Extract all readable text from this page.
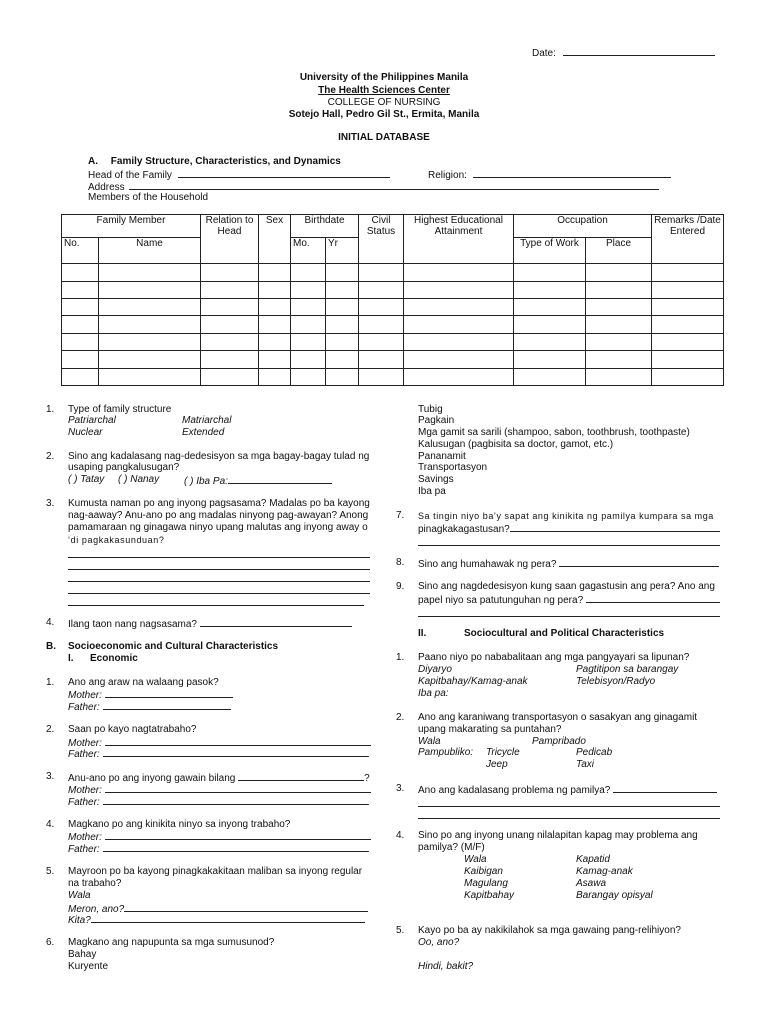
Date:
University of the Philippines Manila
The Health Sciences Center
COLLEGE OF NURSING
Sotejo Hall, Pedro Gil St., Ermita, Manila
INITIAL DATABASE
A. Family Structure, Characteristics, and Dynamics
Head of the Family	Religion:
Address
Members of the Household
Family Member		Relation to Head	Sex	Birthdate		Civil Status	Highest Educational Attainment	Occupation		Remarks /Date Entered
No.	Name			Mo.	Yr			Type of Work	Place	

1. Type of family structure
Patriarchal	Matriarchal
Nuclear	Extended
2. Sino ang kadalasang nag-dedesisyon sa mga bagay-bagay tulad ng
usaping pangkalusugan?
( ) Tatay ( ) Nanay ( ) Iba Pa:
3. Kumusta naman po ang inyong pagsasama? Madalas po ba kayong
nag-aaway? Anu-ano po ang madalas ninyong pag-awayan? Anong
pamamaraan ng ginagawa ninyo upang malutas ang inyong away o
‘di pagkakasunduan?
4. Ilang taon nang nagsasama?
B. Socioeconomic and Cultural Characteristics
I. Economic
1. Ano ang araw na walaang pasok?
Mother:
Father:
2. Saan po kayo nagtatrabaho?
Mother:
Father:
3. Anu-ano po ang inyong gawain bilang	?
Mother:
Father:
4. Magkano po ang kinikita ninyo sa inyong trabaho?
Mother:
Father:
5. Mayroon po ba kayong pinagkakakitaan maliban sa inyong regular
na trabaho?
Wala
Meron, ano?
Kita?
6. Magkano ang napupunta sa mga sumusunod?
Bahay
Kuryente
Tubig
Pagkain
Mga gamit sa sarili (shampoo, sabon, toothbrush, toothpaste)
Kalusugan (pagbisita sa doctor, gamot, etc.)
Pananamit
Transportasyon
Savings
Iba pa
7. Sa tingin niyo ba’y sapat ang kinikita ng pamilya kumpara sa mga
pinagkakagastusan?
8. Sino ang humahawak ng pera?
9. Sino ang nagdedesisyon kung saan gagastusin ang pera? Ano ang
papel niyo sa patutunguhan ng pera?
II.	Sociocultural and Political Characteristics
1. Paano niyo po nababalitaan ang mga pangyayari sa lipunan?
Diyaryo	Pagtitipon sa barangay
Kapitbahay/Kamag-anak	Telebisyon/Radyo
Iba pa:
2. Ano ang karaniwang transportasyon o sasakyan ang ginagamit
upang makarating sa puntahan?
Wala	Pampribado
Pampubliko: Tricycle	Pedicab
Jeep	Taxi
3. Ano ang kadalasang problema ng pamilya?
4. Sino po ang inyong unang nilalapitan kapag may problema ang
pamilya? (M/F)
Wala	Kapatid
Kaibigan	Kamag-anak
Magulang	Asawa
Kapitbahay	Barangay opisyal
5. Kayo po ba ay nakikilahok sa mga gawaing pang-relihiyon?
Oo, ano?
Hindi, bakit?
